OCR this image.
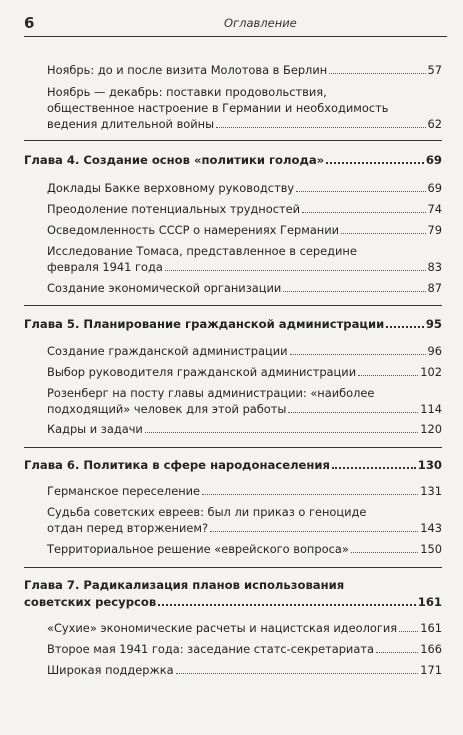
6	Оглавление
Ноябрь: до и после визита Молотова в Берлин	57
Ноябрь — декабрь: поставки продовольствия,
общественное настроение в Германии и необходимость
ведения длительной войны	62
Глава 4. Создание основ «политики голода»	69
Доклады Бакке верховному руководству	69
Преодоление потенциальных трудностей	74
Осведомленность СССР о намерениях Германии	79
Исследование Томаса, представленное в середине
февраля 1941 года	83
Создание экономической организации	87
Глава 5. Планирование гражданской администрации	95
Создание гражданской администрации	96
Выбор руководителя гражданской администрации	102
Розенберг на посту главы администрации: «наиболее
подходящий» человек для этой работы	114
Кадры и задачи	120
Глава 6. Политика в сфере народонаселения	130
Германское переселение	131
Судьба советских евреев: был ли приказ о геноциде
отдан перед вторжением?	143
Территориальное решение «еврейского вопроса»	150
Глава 7. Радикализация планов использования
советских ресурсов	161
«Сухие» экономические расчеты и нацистская идеология 161
Второе мая 1941 года: заседание статс-секретариата	166
Широкая поддержка	171
